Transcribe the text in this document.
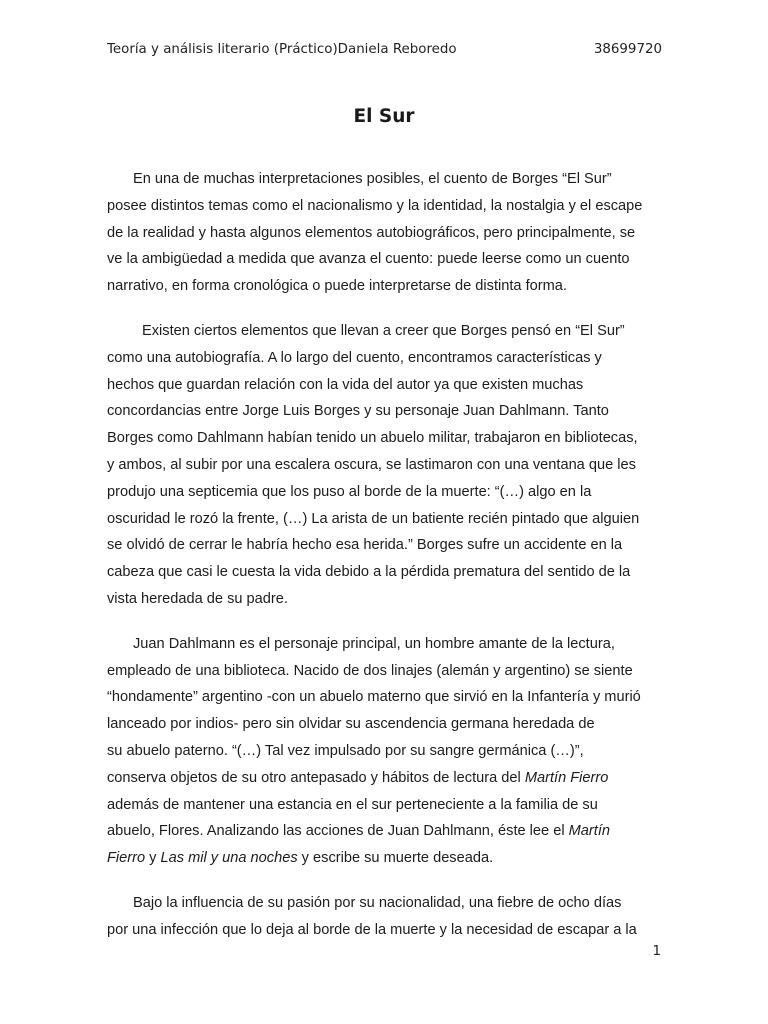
Teoría y análisis literario (Práctico)Daniela Reboredo	38699720
El Sur
En una de muchas interpretaciones posibles, el cuento de Borges “El Sur”
posee distintos temas como el nacionalismo y la identidad, la nostalgia y el escape
de la realidad y hasta algunos elementos autobiográficos, pero principalmente, se
ve la ambigüedad a medida que avanza el cuento: puede leerse como un cuento
narrativo, en forma cronológica o puede interpretarse de distinta forma.
Existen ciertos elementos que llevan a creer que Borges pensó en “El Sur”
como una autobiografía. A lo largo del cuento, encontramos características y
hechos que guardan relación con la vida del autor ya que existen muchas
concordancias entre Jorge Luis Borges y su personaje Juan Dahlmann. Tanto
Borges como Dahlmann habían tenido un abuelo militar, trabajaron en bibliotecas,
y ambos, al subir por una escalera oscura, se lastimaron con una ventana que les
produjo una septicemia que los puso al borde de la muerte: “(…) algo en la
oscuridad le rozó la frente, (…) La arista de un batiente recién pintado que alguien
se olvidó de cerrar le habría hecho esa herida.” Borges sufre un accidente en la
cabeza que casi le cuesta la vida debido a la pérdida prematura del sentido de la
vista heredada de su padre.
Juan Dahlmann es el personaje principal, un hombre amante de la lectura,
empleado de una biblioteca. Nacido de dos linajes (alemán y argentino) se siente
“hondamente” argentino -con un abuelo materno que sirvió en la Infantería y murió
lanceado por indios- pero sin olvidar su ascendencia germana heredada de
su abuelo paterno. “(…) Tal vez impulsado por su sangre germánica (…)”,
conserva objetos de su otro antepasado y hábitos de lectura del Martín Fierro
además de mantener una estancia en el sur perteneciente a la familia de su
abuelo, Flores. Analizando las acciones de Juan Dahlmann, éste lee el Martín
Fierro y Las mil y una noches y escribe su muerte deseada.
Bajo la influencia de su pasión por su nacionalidad, una fiebre de ocho días
por una infección que lo deja al borde de la muerte y la necesidad de escapar a la
1
